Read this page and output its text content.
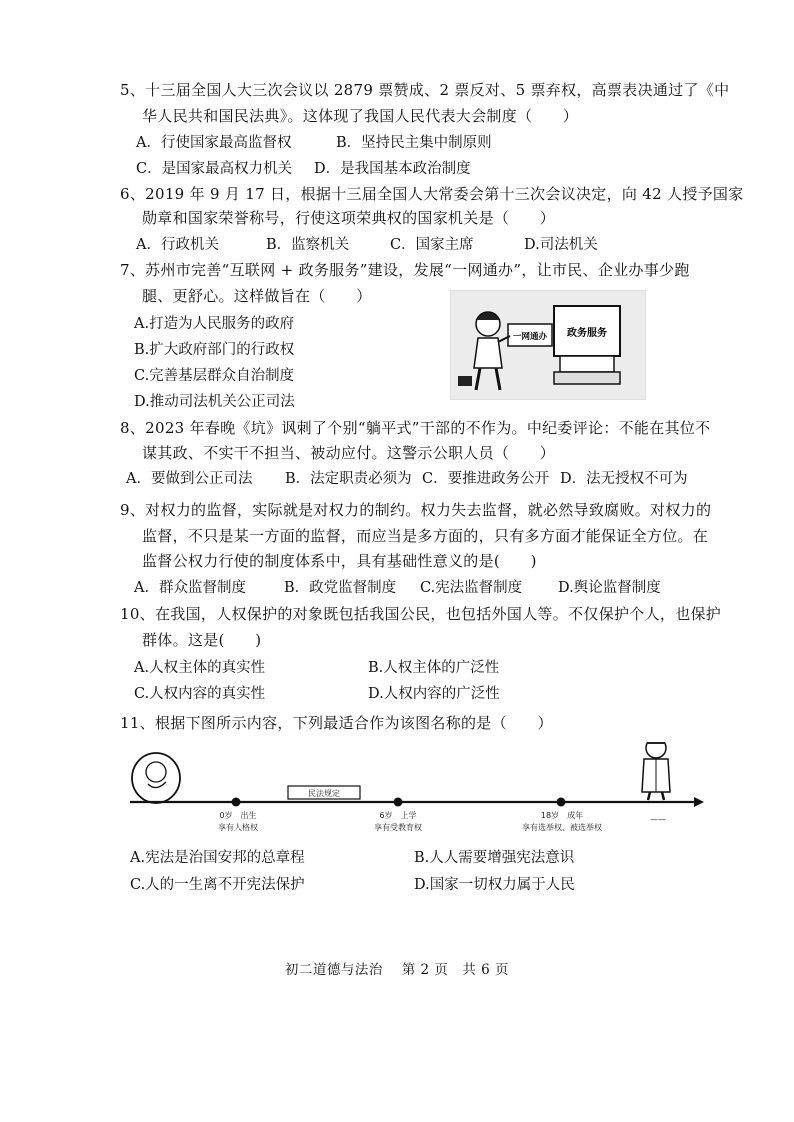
5、十三届全国人大三次会议以 2879 票赞成、2 票反对、5 票弃权，高票表决通过了《中
华人民共和国民法典》。这体现了我国人民代表大会制度（　　）
A．行使国家最高监督权	B．坚持民主集中制原则
C．是国家最高权力机关 D．是我国基本政治制度
6、2019 年 9 月 17 日，根据十三届全国人大常委会第十三次会议决定，向 42 人授予国家
勋章和国家荣誉称号，行使这项荣典权的国家机关是（　　）
A．行政机关	B．监察机关	C．国家主席	D.司法机关
7、苏州市完善“互联网 + 政务服务”建设，发展“一网通办”，让市民、企业办事少跑
腿、更舒心。这样做旨在（　　）
A.打造为人民服务的政府
B.扩大政府部门的行政权
C.完善基层群众自治制度
D.推动司法机关公正司法
政务服务
一网通办
8、2023 年春晚《坑》讽刺了个别“躺平式”干部的不作为。中纪委评论：不能在其位不
谋其政、不实干不担当、被动应付。这警示公职人员（　　）
A．要做到公正司法 B．法定职责必须为 C．要推进政务公开 D．法无授权不可为
9、对权力的监督，实际就是对权力的制约。权力失去监督，就必然导致腐败。对权力的
监督，不只是某一方面的监督，而应当是多方面的，只有多方面才能保证全方位。在
监督公权力行使的制度体系中，具有基础性意义的是(　　)
A．群众监督制度	B．政党监督制度 C.宪法监督制度 D.舆论监督制度
10、在我国，人权保护的对象既包括我国公民，也包括外国人等。不仅保护个人，也保护
群体。这是(　　)
A.人权主体的真实性	B.人权主体的广泛性
C.人权内容的真实性	D.人权内容的广泛性
11、根据下图所示内容，下列最适合作为该图名称的是（　　）
民法规定
0岁　出生
享有人格权
6岁　上学
享有受教育权
18岁　成年
享有选举权、被选举权
——
A.宪法是治国安邦的总章程	B.人人需要增强宪法意识
C.人的一生离不开宪法保护	D.国家一切权力属于人民
初二道德与法治　 第 2 页　共 6 页
